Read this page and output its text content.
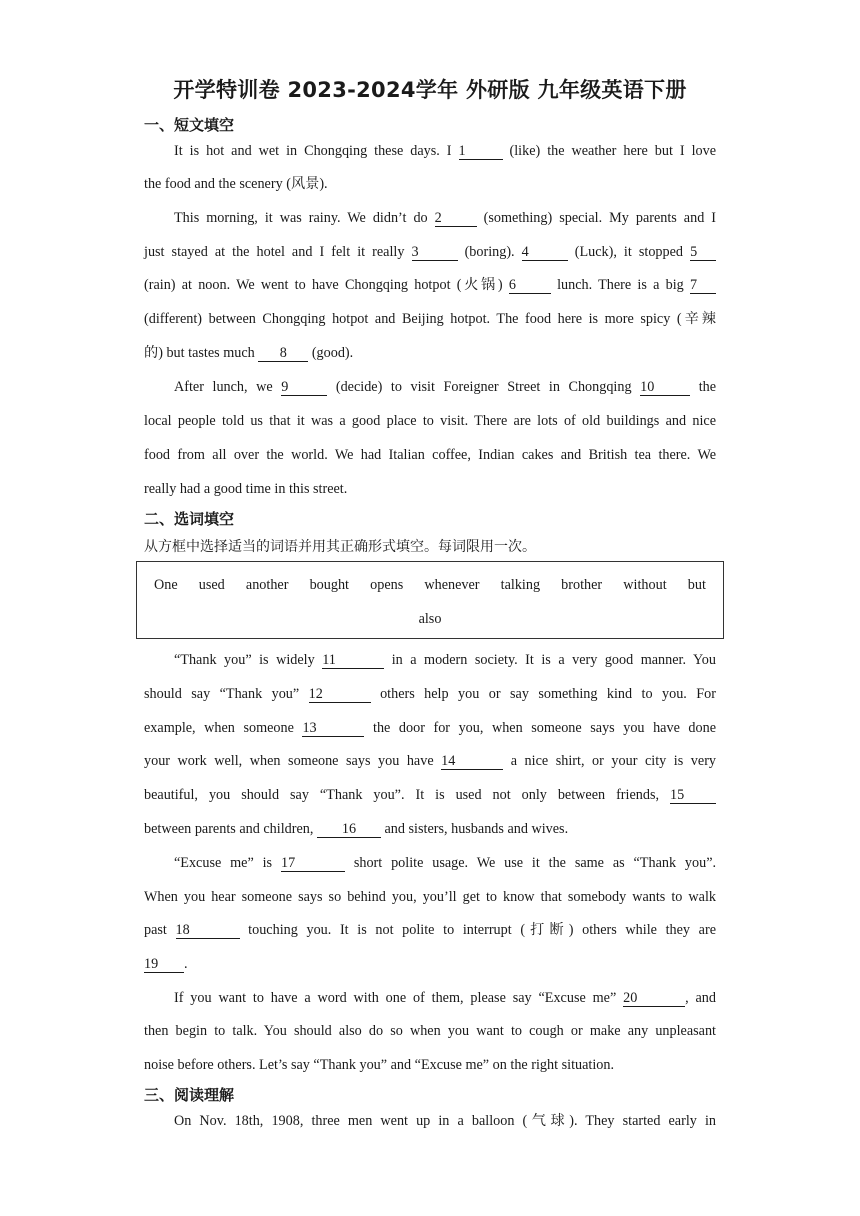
开学特训卷 2023-2024学年 外研版 九年级英语下册
一、短文填空
It is hot and wet in Chongqing these days. I 1	(like) the weather here but I love
the food and the scenery (风景).
This morning, it was rainy. We didn’t do 2	(something) special. My parents and I
just stayed at the hotel and I felt it really 3	(boring). 4	(Luck), it stopped 5
(rain) at noon. We went to have Chongqing hotpot (火锅) 6	lunch. There is a big 7
(different) between Chongqing hotpot and Beijing hotpot. The food here is more spicy (辛辣
的) but tastes much 8 (good).
After lunch, we 9	(decide) to visit Foreigner Street in Chongqing 10	the
local people told us that it was a good place to visit. There are lots of old buildings and nice
food from all over the world. We had Italian coffee, Indian cakes and British tea there. We
really had a good time in this street.
二、选词填空
从方框中选择适当的词语并用其正确形式填空。每词限用一次。
One used another bought opens whenever talking brother without but
also
“Thank you” is widely 11	in a modern society. It is a very good manner. You
should say “Thank you” 12	others help you or say something kind to you. For
example, when someone 13	the door for you, when someone says you have done
your work well, when someone says you have 14	a nice shirt, or your city is very
beautiful, you should say “Thank you”. It is used not only between friends, 15
between parents and children, 16 and sisters, husbands and wives.
“Excuse me” is 17	short polite usage. We use it the same as “Thank you”.
When you hear someone says so behind you, you’ll get to know that somebody wants to walk
past 18	touching you. It is not polite to interrupt (打断) others while they are
19 .
If you want to have a word with one of them, please say “Excuse me” 20	, and
then begin to talk. You should also do so when you want to cough or make any unpleasant
noise before others. Let’s say “Thank you” and “Excuse me” on the right situation.
三、阅读理解
On Nov. 18th, 1908, three men went up in a balloon (气球). They started early in
